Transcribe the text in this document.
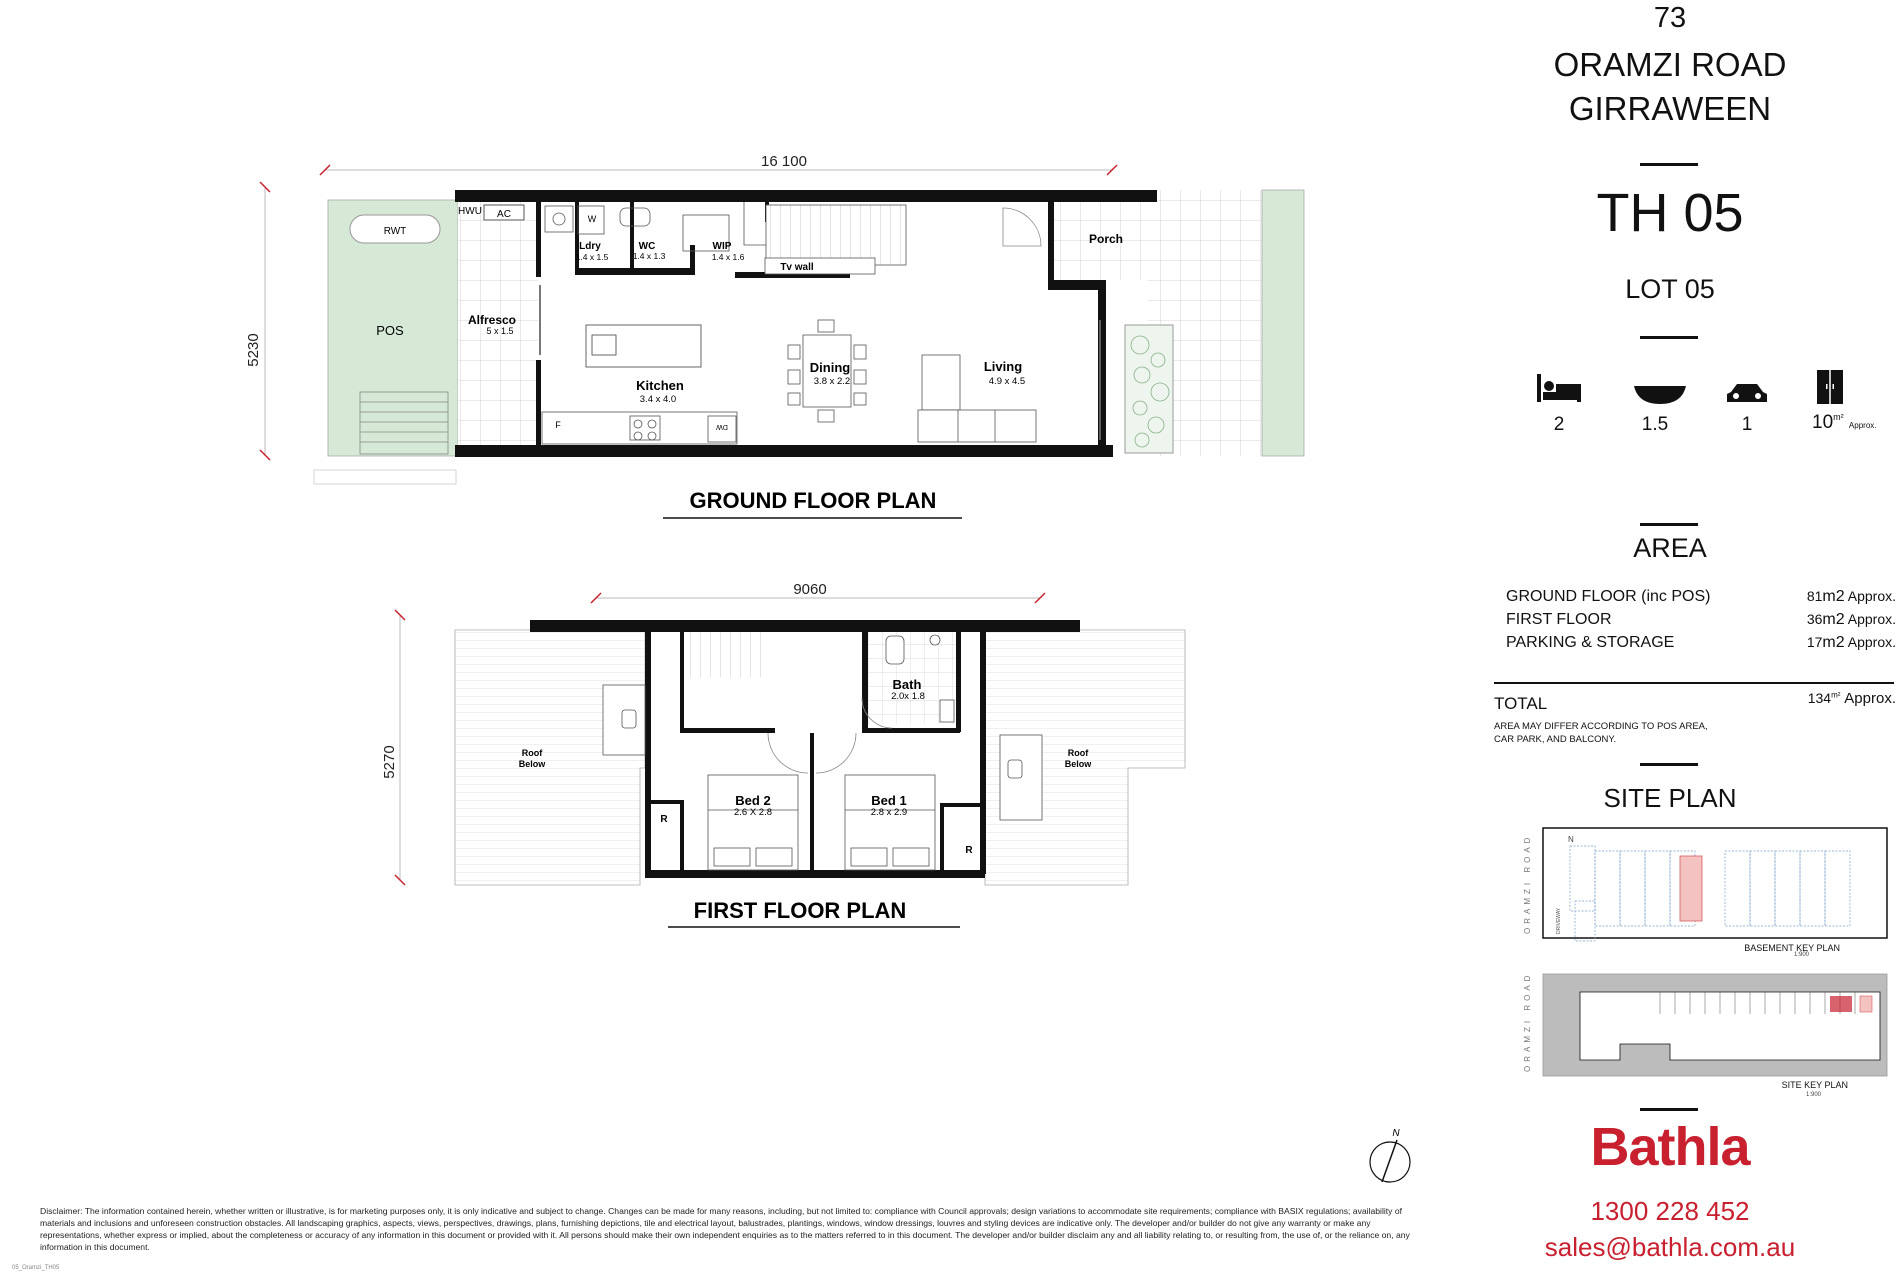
16 100
5230
RWT
POS
HWU AC
Alfresco
5 x 1.5
W
Ldry
1.4 x 1.5
WC
1.4 x 1.3
WIP
1.4 x 1.6
Tv wall
F	DW
Kitchen
3.4 x 4.0
Dining
3.8 x 2.2
Living
4.9 x 4.5
Porch
GROUND FLOOR PLAN
9060
5270	Roof
Below
Roof
Below
Bath
2.0x 1.8
R
R
Bed 2
2.6 X 2.8
Bed 1
2.8 x 2.9
FIRST FLOOR PLAN
N
73
ORAMZI ROAD
GIRRAWEEN
TH 05
LOT 05
2	1.5	1	$10^{m^2}$ Approx.
AREA
GROUND FLOOR (inc POS)	81m2 Approx.
FIRST FLOOR	36m2 Approx.
PARKING & STORAGE	17m2 Approx.
TOTAL	$134^{m^2}$ Approx.
AREA MAY DIFFER ACCORDING TO POS AREA,
CAR PARK, AND BALCONY.
SITE PLAN
ORAMZI ROAD	DRIVEWAY
N
BASEMENT KEY PLAN
1:900
ORAMZI ROAD
SITE KEY PLAN
1:900
Bathla
1300 228 452
sales@bathla.com.au
Disclaimer: The information contained herein, whether written or illustrative, is for marketing purposes only, it is only indicative and subject to change. Changes can be made for many reasons, including, but not limited to: compliance with Council approvals; design variations to accommodate site requirements; compliance with BASIX regulations; availability of materials and inclusions and unforeseen construction obstacles. All landscaping graphics, aspects, views, perspectives, drawings, plans, furnishing depictions, tile and electrical layout, balustrades, plantings, windows, window dressings, louvres and styling devices are indicative only. The developer and/or builder do not give any warranty or make any representations, whether express or implied, about the completeness or accuracy of any information in this document or provided with it. All persons should make their own independent enquiries as to the matters referred to in this document. The developer and/or builder disclaim any and all liability relating to, or resulting from, the use of, or the reliance on, any information in this document.
05_Oramzi_TH05
